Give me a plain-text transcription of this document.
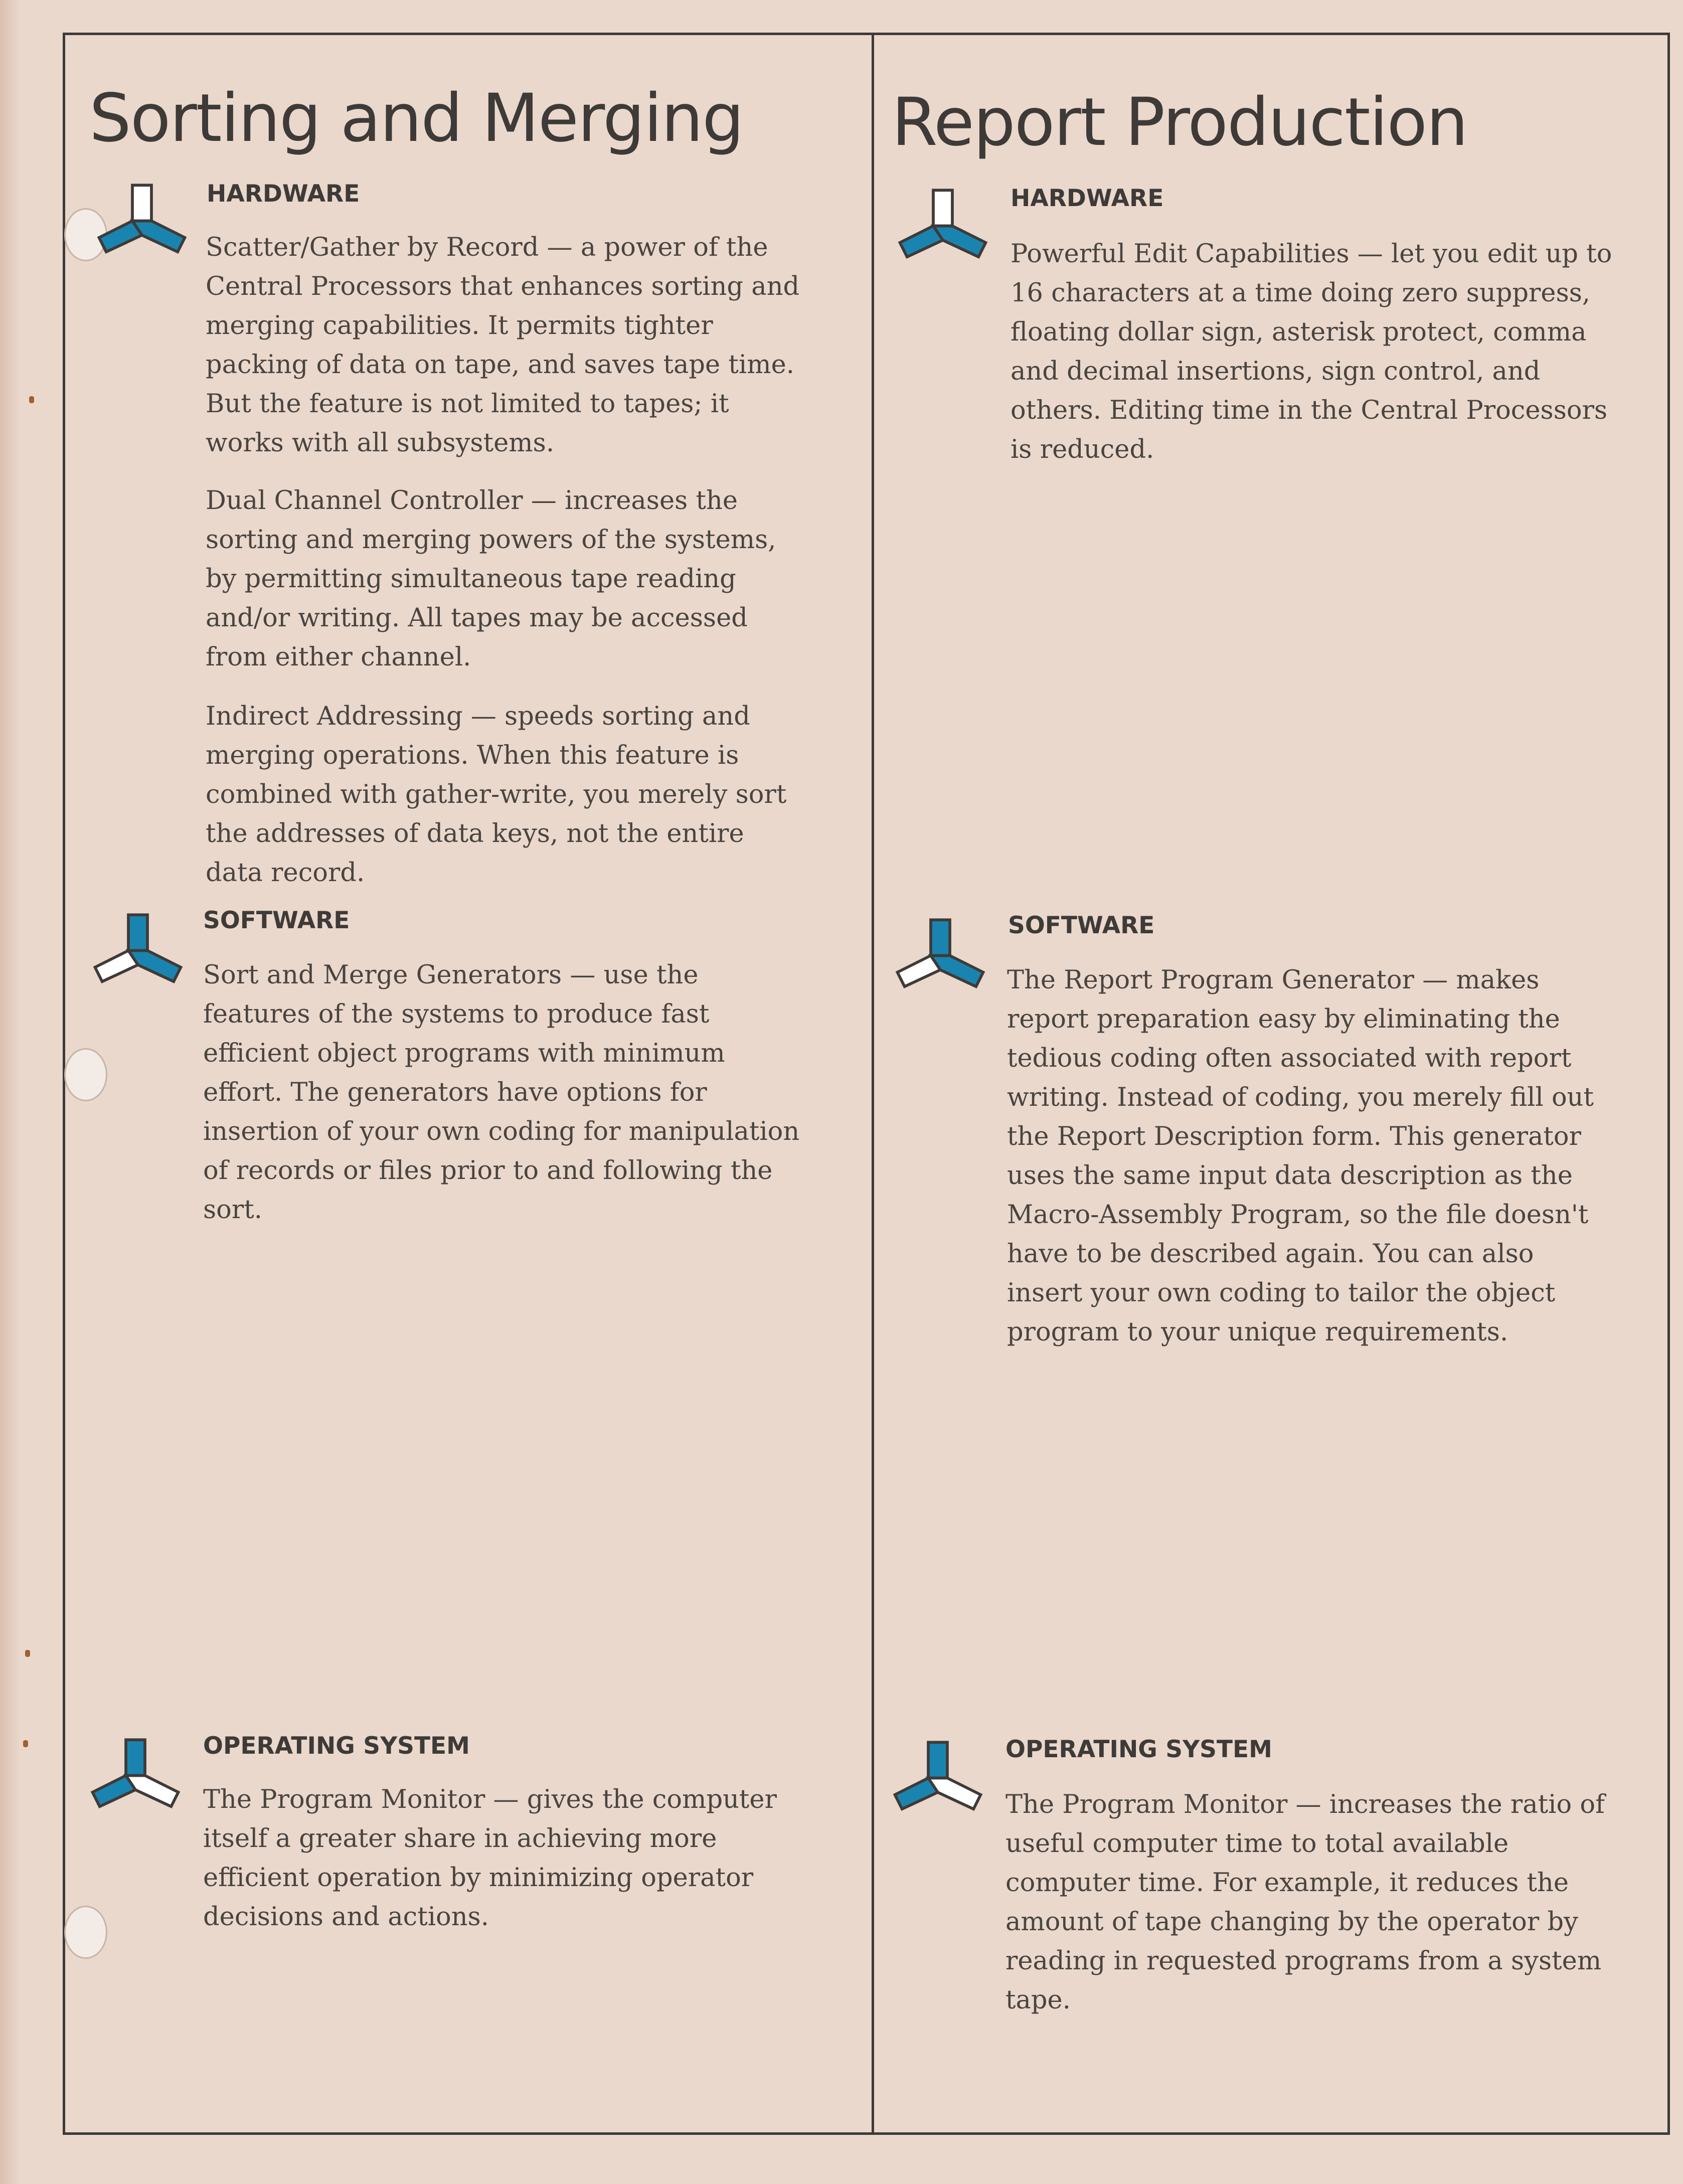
Sorting and Merging
HARDWARE

Scatter/Gather by Record — a power of the Central Processors that enhances sorting and merging capabilities. It permits tighter packing of data on tape, and saves tape time. But the feature is not limited to tapes; it works with all subsystems.

Dual Channel Controller — increases the sorting and merging powers of the systems, by permitting simultaneous tape reading and/or writing. All tapes may be accessed from either channel.

Indirect Addressing — speeds sorting and merging operations. When this feature is combined with gather-write, you merely sort the addresses of data keys, not the entire data record.

SOFTWARE

Sort and Merge Generators — use the features of the systems to produce fast efficient object programs with minimum effort. The generators have options for insertion of your own coding for manipulation of records or files prior to and following the sort.

OPERATING SYSTEM

The Program Monitor — gives the computer itself a greater share in achieving more efficient operation by minimizing operator decisions and actions.

Report Production
HARDWARE

Powerful Edit Capabilities — let you edit up to 16 characters at a time doing zero suppress, floating dollar sign, asterisk protect, comma and decimal insertions, sign control, and others. Editing time in the Central Processors is reduced.

SOFTWARE

The Report Program Generator — makes report preparation easy by eliminating the tedious coding often associated with report writing. Instead of coding, you merely fill out the Report Description form. This generator uses the same input data description as the Macro-Assembly Program, so the file doesn't have to be described again. You can also insert your own coding to tailor the object program to your unique requirements.

OPERATING SYSTEM

The Program Monitor — increases the ratio of useful computer time to total available computer time. For example, it reduces the amount of tape changing by the operator by reading in requested programs from a system tape.
